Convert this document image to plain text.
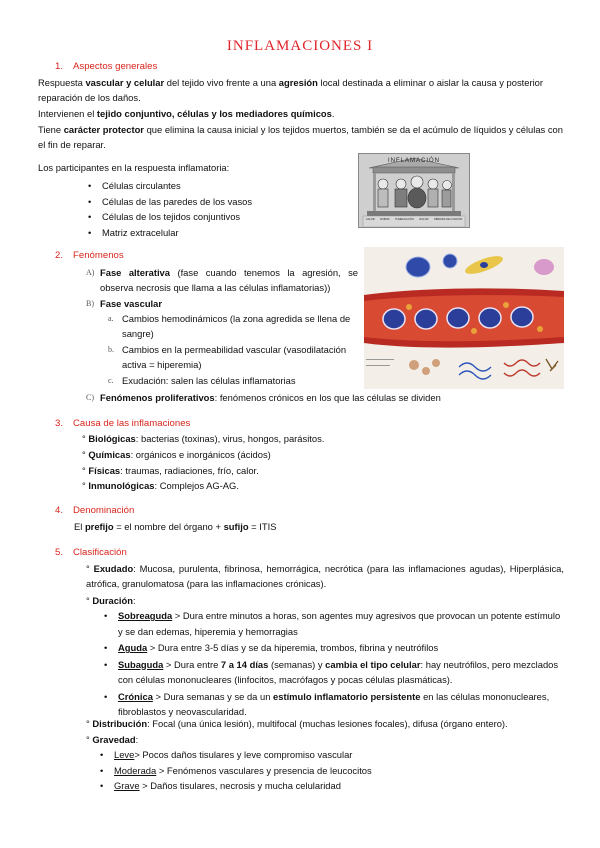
INFLAMACIONES I
1. Aspectos generales
Respuesta vascular y celular del tejido vivo frente a una agresión local destinada a eliminar o aislar la causa y posterior reparación de los daños.
Intervienen el tejido conjuntivo, células y los mediadores químicos.
Tiene carácter protector que elimina la causa inicial y los tejidos muertos, también se da el acúmulo de líquidos y células con el fin de reparar.
Los participantes en la respuesta inflamatoria:
• Células circulantes
• Células de las paredes de los vasos
• Células de los tejidos conjuntivos
• Matriz extracelular
INFLAMACIÓN
CALOR RUBOR TUMEFACCIÓN DOLOR PÉRDIDA DE FUNCIÓN
2. Fenómenos
A) Fase alterativa (fase cuando tenemos la agresión, se observa necrosis que llama a las células inflamatorias))
B) Fase vascular
a. Cambios hemodinámicos (la zona agredida se llena de sangre)
b. Cambios en la permeabilidad vascular (vasodilatación activa = hiperemia)
c. Exudación: salen las células inflamatorias
C) Fenómenos proliferativos: fenómenos crónicos en los que las células se dividen
3. Causa de las inflamaciones
° Biológicas: bacterias (toxinas), virus, hongos, parásitos.
° Químicas: orgánicos e inorgánicos (ácidos)
° Físicas: traumas, radiaciones, frío, calor.
° Inmunológicas: Complejos AG-AG.
4. Denominación
El prefijo = el nombre del órgano + sufijo = ITIS
5. Clasificación
° Exudado: Mucosa, purulenta, fibrinosa, hemorrágica, necrótica (para las inflamaciones agudas), Hiperplásica, atrófica, granulomatosa (para las inflamaciones crónicas).
° Duración:
• Sobreaguda > Dura entre minutos a horas, son agentes muy agresivos que provocan un potente estímulo y se dan edemas, hiperemia y hemorragias
• Aguda > Dura entre 3-5 días y se da hiperemia, trombos, fibrina y neutrófilos
• Subaguda > Dura entre 7 a 14 días (semanas) y cambia el tipo celular: hay neutrófilos, pero mezclados con células mononucleares (linfocitos, macrófagos y pocas células plasmáticas).
• Crónica > Dura semanas y se da un estímulo inflamatorio persistente en las células mononucleares, fibroblastos y neovascularidad.
° Distribución: Focal (una única lesión), multifocal (muchas lesiones focales), difusa (órgano entero).
° Gravedad:
• Leve> Pocos daños tisulares y leve compromiso vascular
• Moderada > Fenómenos vasculares y presencia de leucocitos
• Grave > Daños tisulares, necrosis y mucha celularidad
